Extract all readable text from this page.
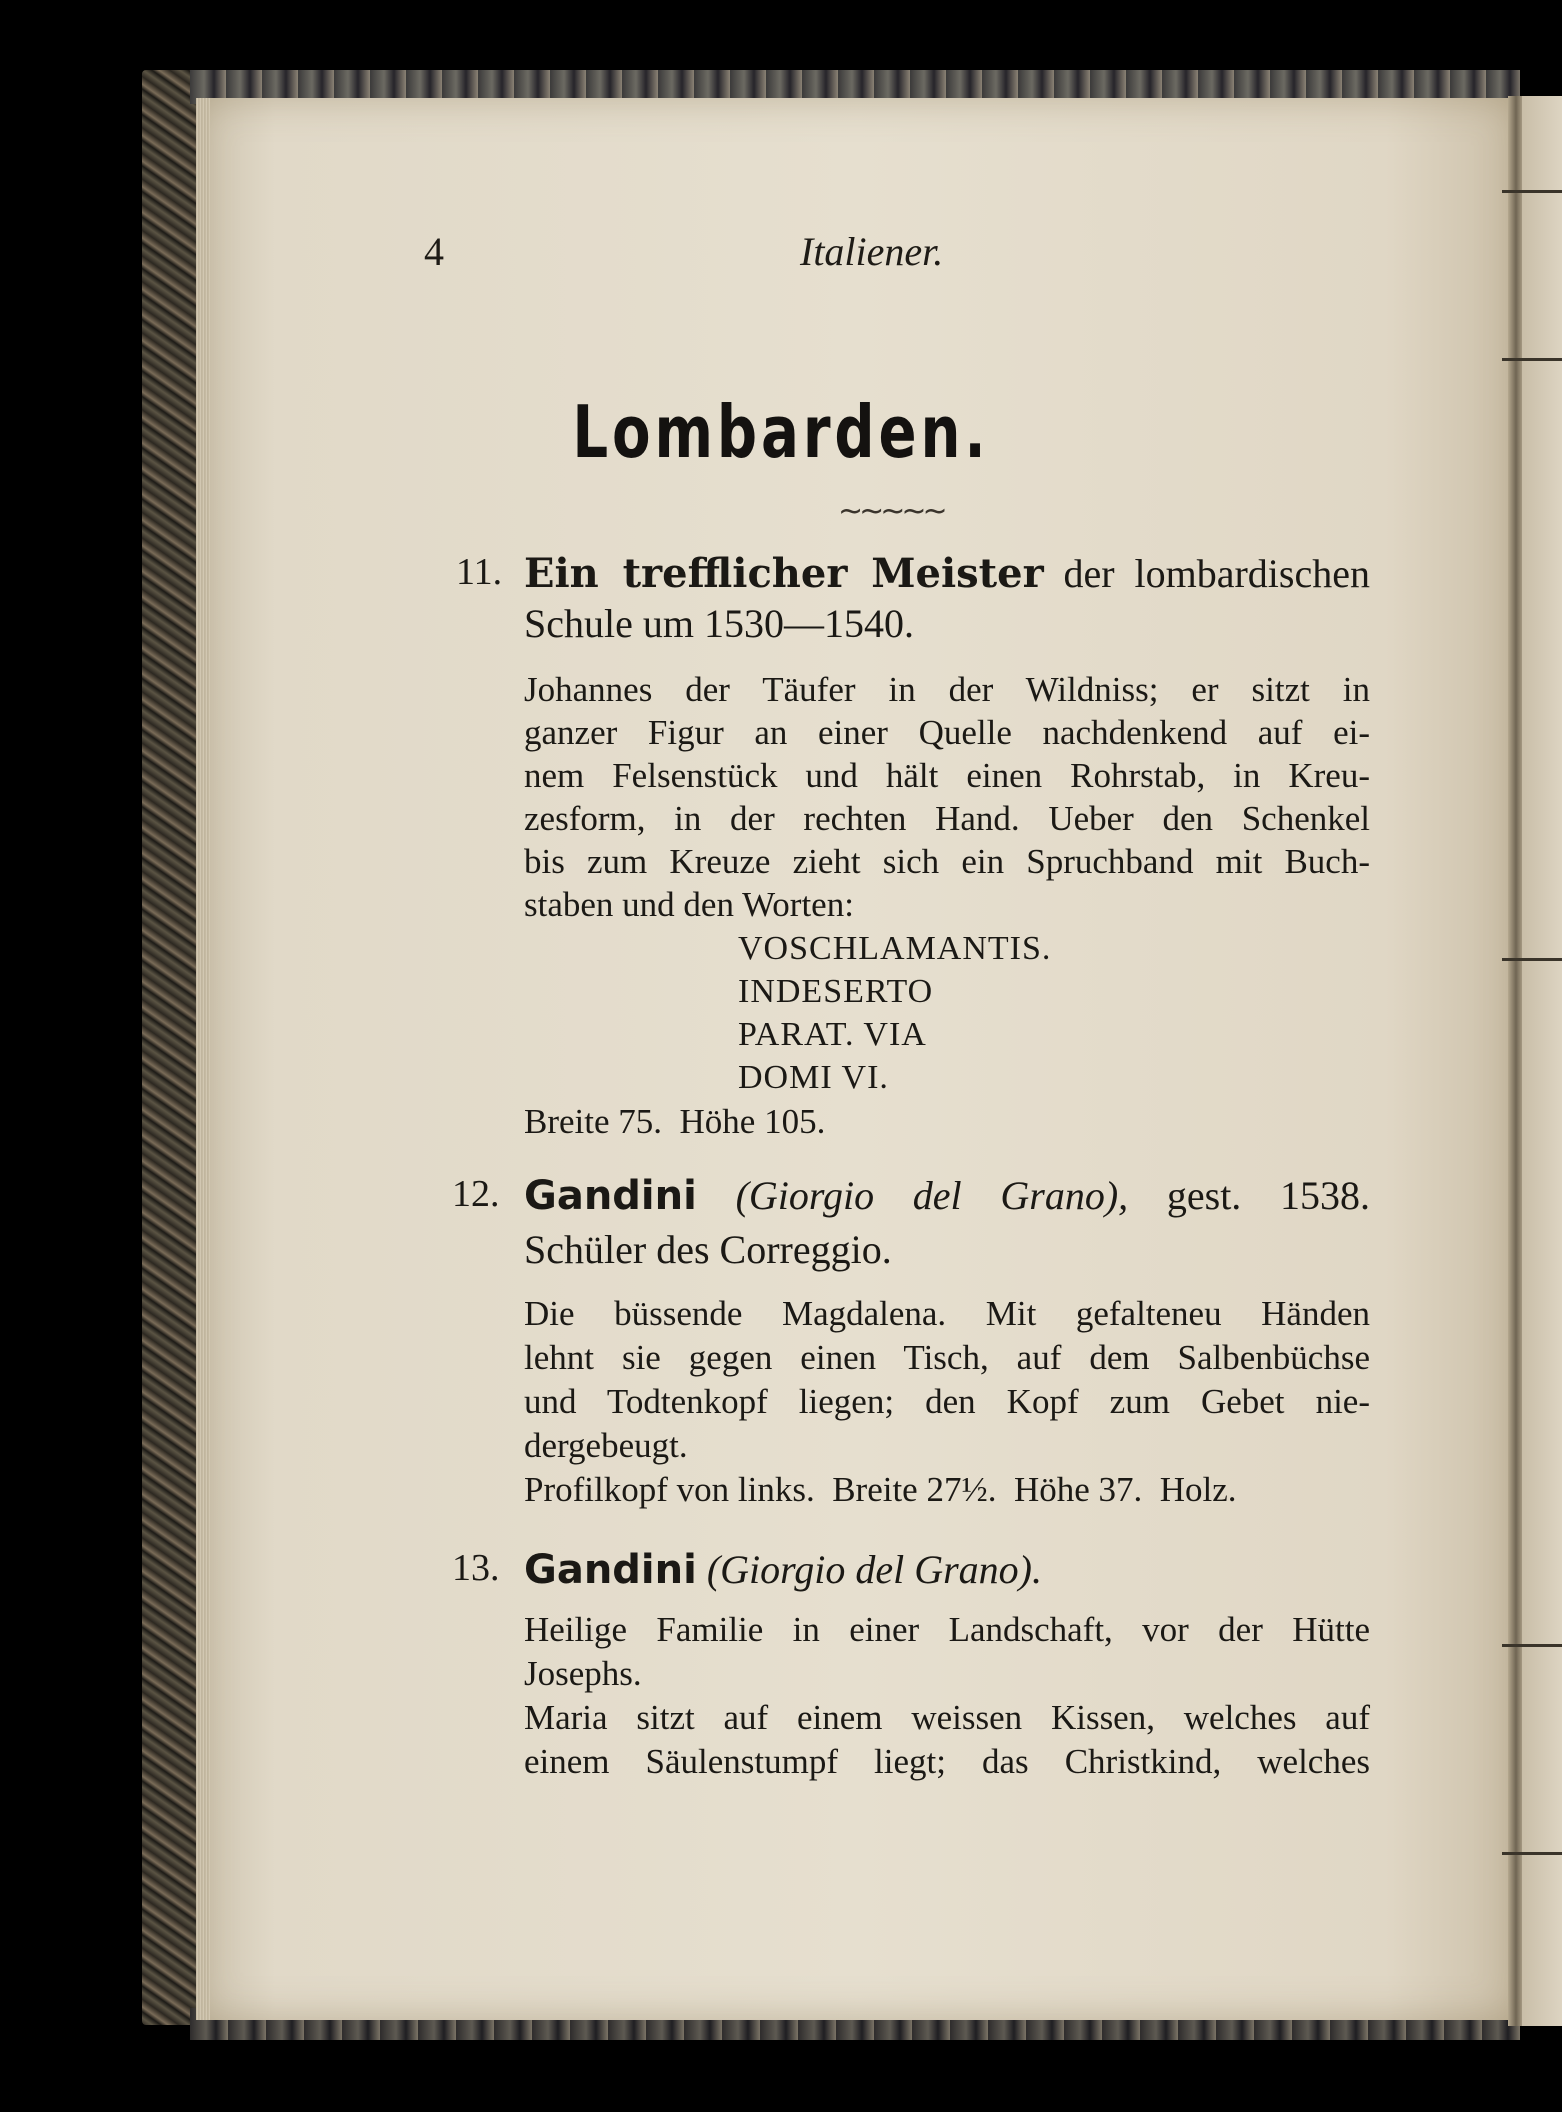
4	Italiener.
Lombarden.
~~~~~
11. Ein trefflicher Meister der lombardischen
Schule um 1530—1540.
Johannes der Täufer in der Wildniss; er sitzt in
ganzer Figur an einer Quelle nachdenkend auf ei-
nem Felsenstück und hält einen Rohrstab, in Kreu-
zesform, in der rechten Hand. Ueber den Schenkel
bis zum Kreuze zieht sich ein Spruchband mit Buch-
staben und den Worten:
VOSCHLAMANTIS.
INDESERTO
PARAT. VIA
DOMI VI.
Breite 75.  Höhe 105.
12. Gandini (Giorgio del Grano), gest. 1538.
Schüler des Correggio.
Die büssende Magdalena. Mit gefalteneu Händen
lehnt sie gegen einen Tisch, auf dem Salbenbüchse
und Todtenkopf liegen; den Kopf zum Gebet nie-
dergebeugt.
Profilkopf von links.  Breite 27½.  Höhe 37.  Holz.
13. Gandini (Giorgio del Grano).
Heilige Familie in einer Landschaft, vor der Hütte
Josephs.
Maria sitzt auf einem weissen Kissen, welches auf
einem Säulenstumpf liegt; das Christkind, welches
